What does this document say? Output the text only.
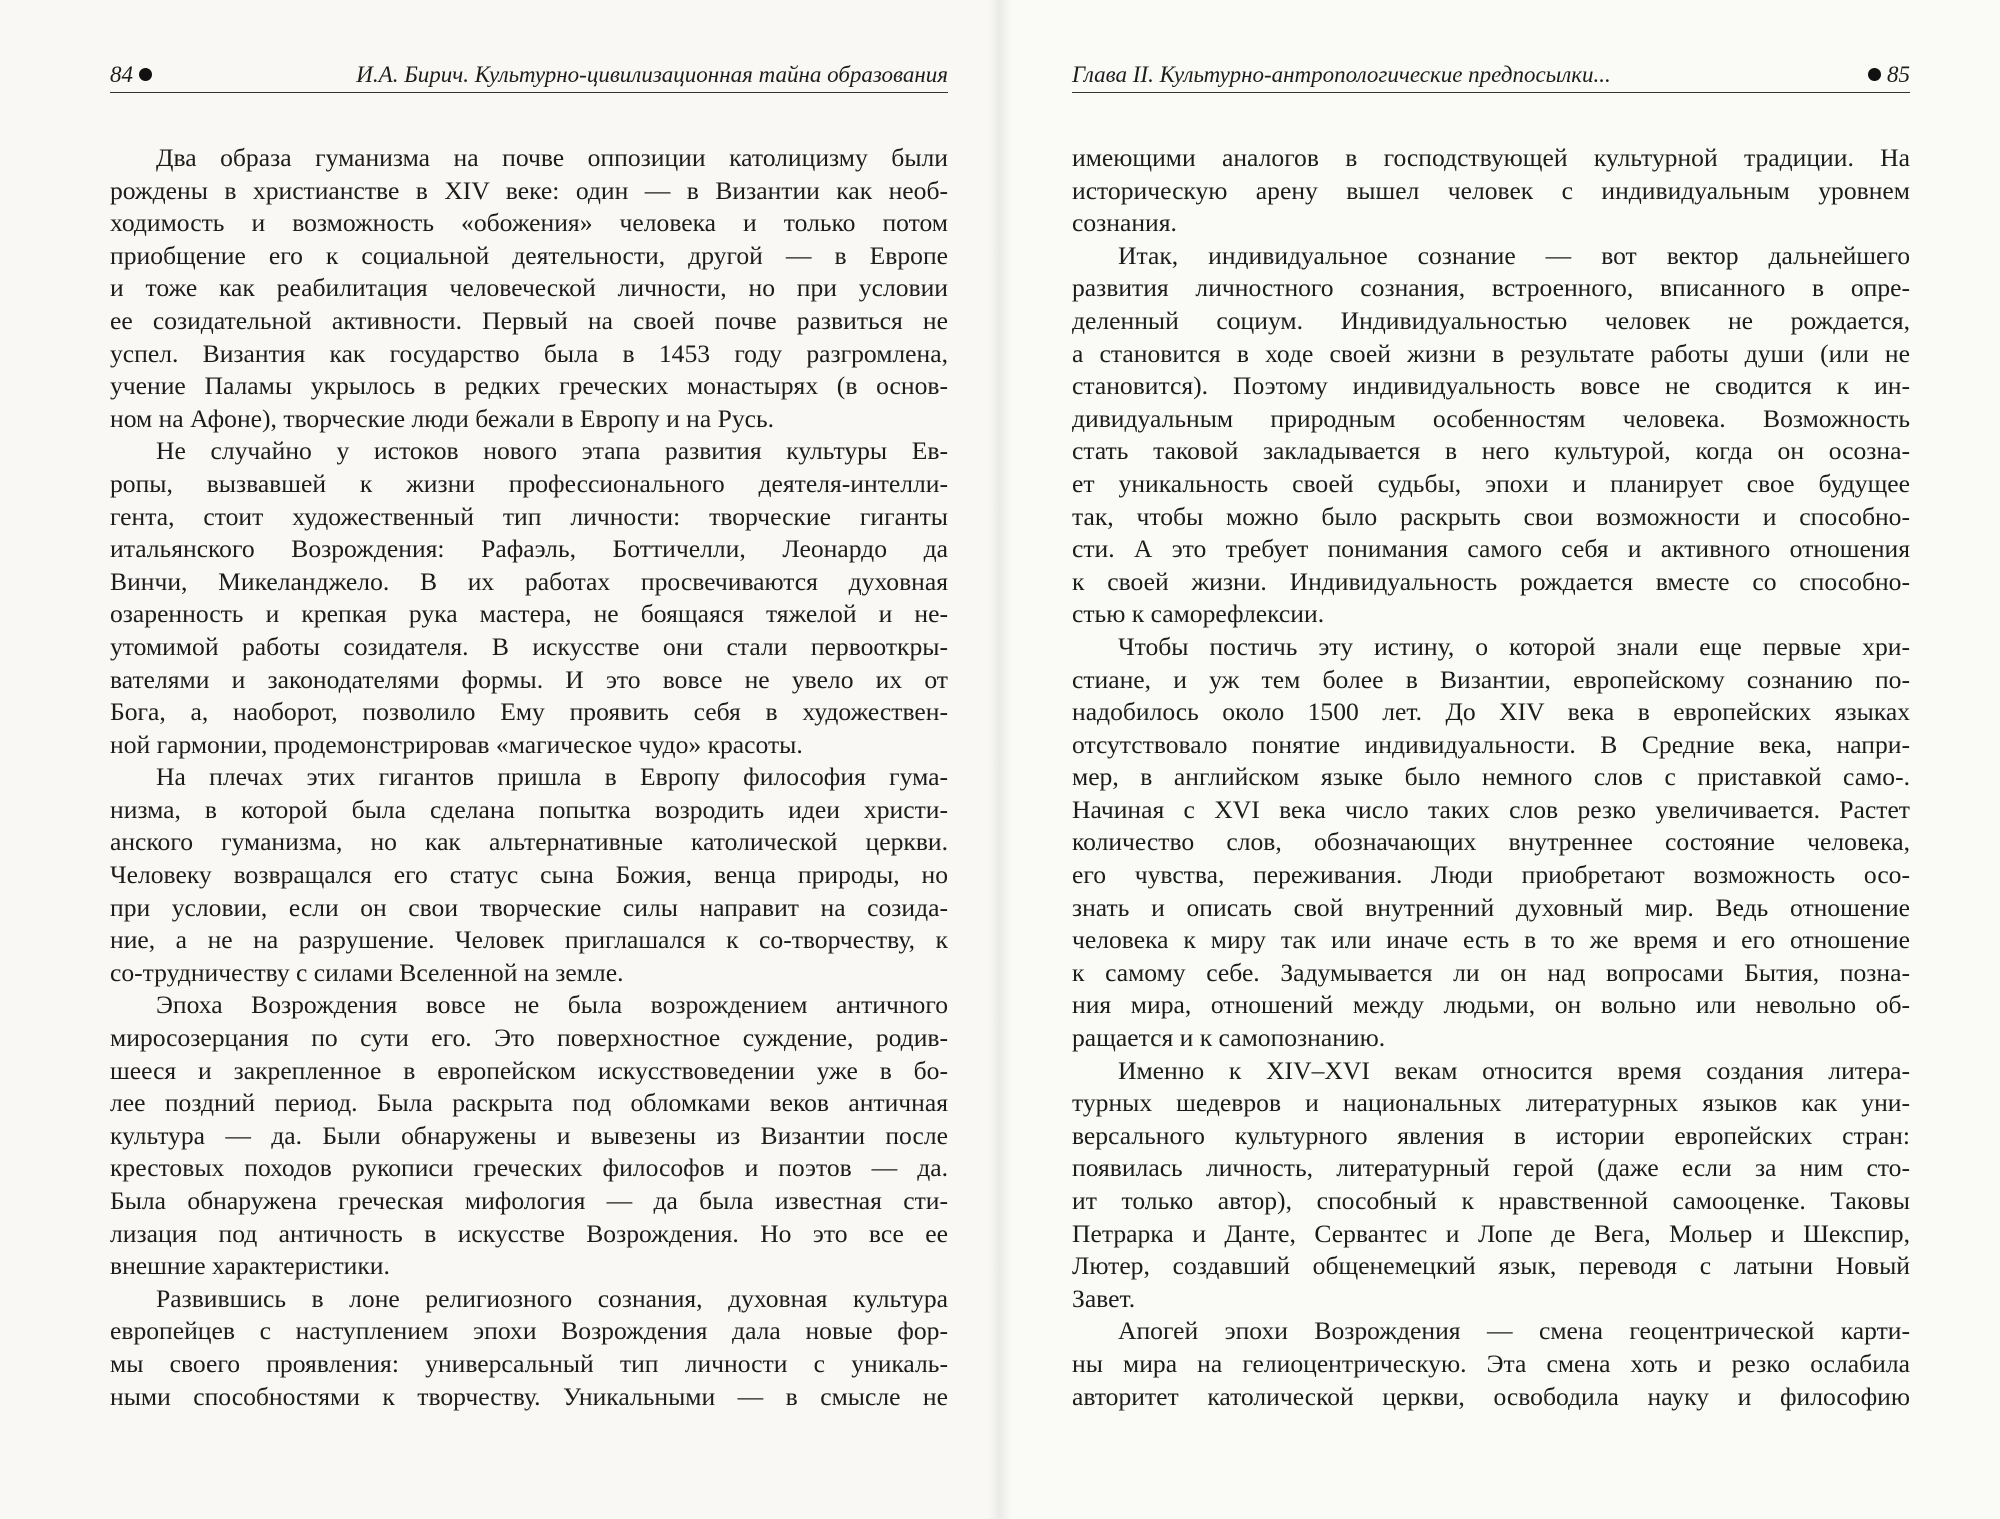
84	И.А. Бирич. Культурно-цивилизационная тайна образования
Два образа гуманизма на почве оппозиции католицизму были
рождены в христианстве в XIV веке: один — в Византии как необ-
ходимость и возможность «обожения» человека и только потом
приобщение его к социальной деятельности, другой — в Европе
и тоже как реабилитация человеческой личности, но при условии
ее созидательной активности. Первый на своей почве развиться не
успел. Византия как государство была в 1453 году разгромлена,
учение Паламы укрылось в редких греческих монастырях (в основ-
ном на Афоне), творческие люди бежали в Европу и на Русь.
Не случайно у истоков нового этапа развития культуры Ев-
ропы, вызвавшей к жизни профессионального деятеля-интелли-
гента, стоит художественный тип личности: творческие гиганты
итальянского Возрождения: Рафаэль, Боттичелли, Леонардо да
Винчи, Микеланджело. В их работах просвечиваются духовная
озаренность и крепкая рука мастера, не боящаяся тяжелой и не-
утомимой работы созидателя. В искусстве они стали первооткры-
вателями и законодателями формы. И это вовсе не увело их от
Бога, а, наоборот, позволило Ему проявить себя в художествен-
ной гармонии, продемонстрировав «магическое чудо» красоты.
На плечах этих гигантов пришла в Европу философия гума-
низма, в которой была сделана попытка возродить идеи христи-
анского гуманизма, но как альтернативные католической церкви.
Человеку возвращался его статус сына Божия, венца природы, но
при условии, если он свои творческие силы направит на созида-
ние, а не на разрушение. Человек приглашался к со-творчеству, к
со-трудничеству с силами Вселенной на земле.
Эпоха Возрождения вовсе не была возрождением античного
миросозерцания по сути его. Это поверхностное суждение, родив-
шееся и закрепленное в европейском искусствоведении уже в бо-
лее поздний период. Была раскрыта под обломками веков античная
культура — да. Были обнаружены и вывезены из Византии после
крестовых походов рукописи греческих философов и поэтов — да.
Была обнаружена греческая мифология — да была известная сти-
лизация под античность в искусстве Возрождения. Но это все ее
внешние характеристики.
Развившись в лоне религиозного сознания, духовная культура
европейцев с наступлением эпохи Возрождения дала новые фор-
мы своего проявления: универсальный тип личности с уникаль-
ными способностями к творчеству. Уникальными — в смысле не
Глава II. Культурно-антропологические предпосылки...	85
имеющими аналогов в господствующей культурной традиции. На
историческую арену вышел человек с индивидуальным уровнем
сознания.
Итак, индивидуальное сознание — вот вектор дальнейшего
развития личностного сознания, встроенного, вписанного в опре-
деленный социум. Индивидуальностью человек не рождается,
а становится в ходе своей жизни в результате работы души (или не
становится). Поэтому индивидуальность вовсе не сводится к ин-
дивидуальным природным особенностям человека. Возможность
стать таковой закладывается в него культурой, когда он осозна-
ет уникальность своей судьбы, эпохи и планирует свое будущее
так, чтобы можно было раскрыть свои возможности и способно-
сти. А это требует понимания самого себя и активного отношения
к своей жизни. Индивидуальность рождается вместе со способно-
стью к саморефлексии.
Чтобы постичь эту истину, о которой знали еще первые хри-
стиане, и уж тем более в Византии, европейскому сознанию по-
надобилось около 1500 лет. До XIV века в европейских языках
отсутствовало понятие индивидуальности. В Средние века, напри-
мер, в английском языке было немного слов с приставкой само-.
Начиная с XVI века число таких слов резко увеличивается. Растет
количество слов, обозначающих внутреннее состояние человека,
его чувства, переживания. Люди приобретают возможность осо-
знать и описать свой внутренний духовный мир. Ведь отношение
человека к миру так или иначе есть в то же время и его отношение
к самому себе. Задумывается ли он над вопросами Бытия, позна-
ния мира, отношений между людьми, он вольно или невольно об-
ращается и к самопознанию.
Именно к XIV–XVI векам относится время создания литера-
турных шедевров и национальных литературных языков как уни-
версального культурного явления в истории европейских стран:
появилась личность, литературный герой (даже если за ним сто-
ит только автор), способный к нравственной самооценке. Таковы
Петрарка и Данте, Сервантес и Лопе де Вега, Мольер и Шекспир,
Лютер, создавший общенемецкий язык, переводя с латыни Новый
Завет.
Апогей эпохи Возрождения — смена геоцентрической карти-
ны мира на гелиоцентрическую. Эта смена хоть и резко ослабила
авторитет католической церкви, освободила науку и философию
